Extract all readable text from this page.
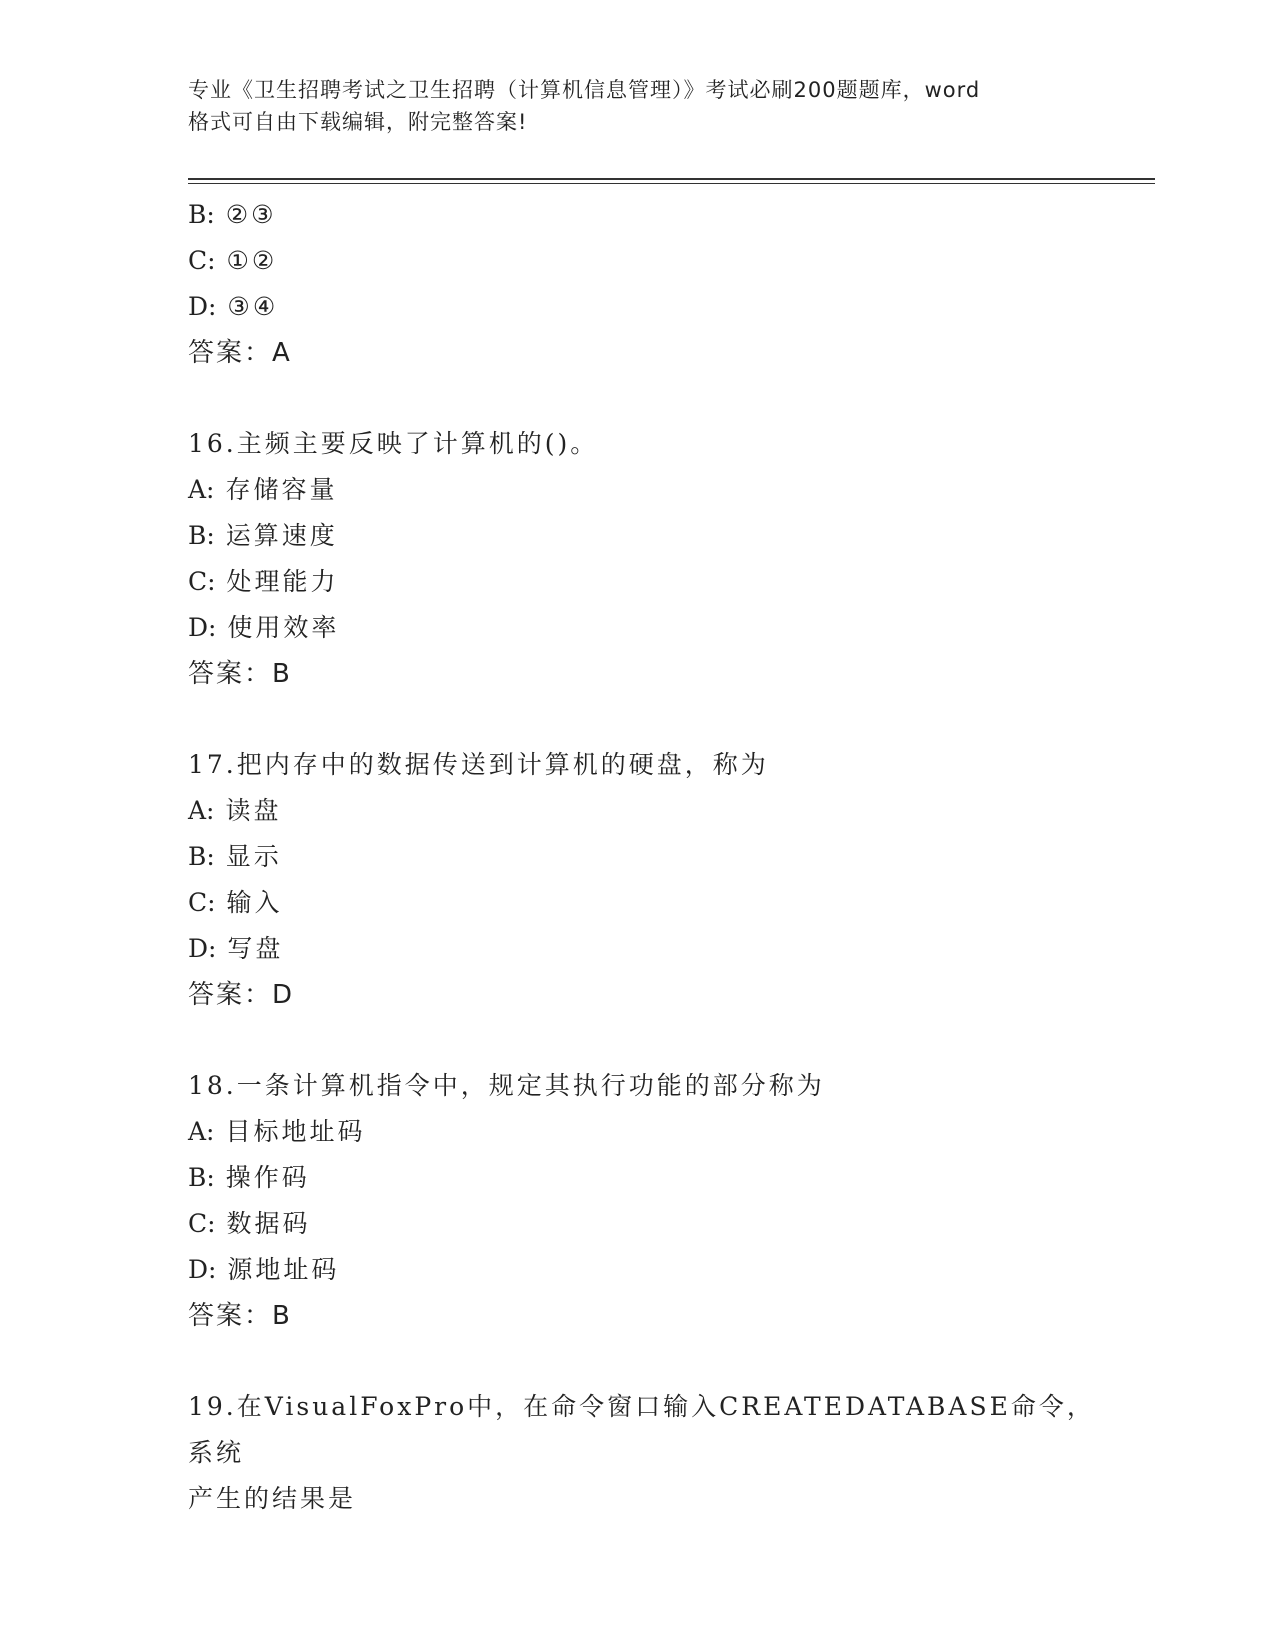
专业《卫生招聘考试之卫生招聘（计算机信息管理）》考试必刷200题题库，word
格式可自由下载编辑，附完整答案!
B: ②③
C: ①②
D: ③④
答案：A
16.主频主要反映了计算机的()。
A: 存储容量
B: 运算速度
C: 处理能力
D: 使用效率
答案：B
17.把内存中的数据传送到计算机的硬盘，称为
A: 读盘
B: 显示
C: 输入
D: 写盘
答案：D
18.一条计算机指令中，规定其执行功能的部分称为
A: 目标地址码
B: 操作码
C: 数据码
D: 源地址码
答案：B
19.在VisualFoxPro中，在命令窗口输入CREATEDATABASE命令，系统
产生的结果是
